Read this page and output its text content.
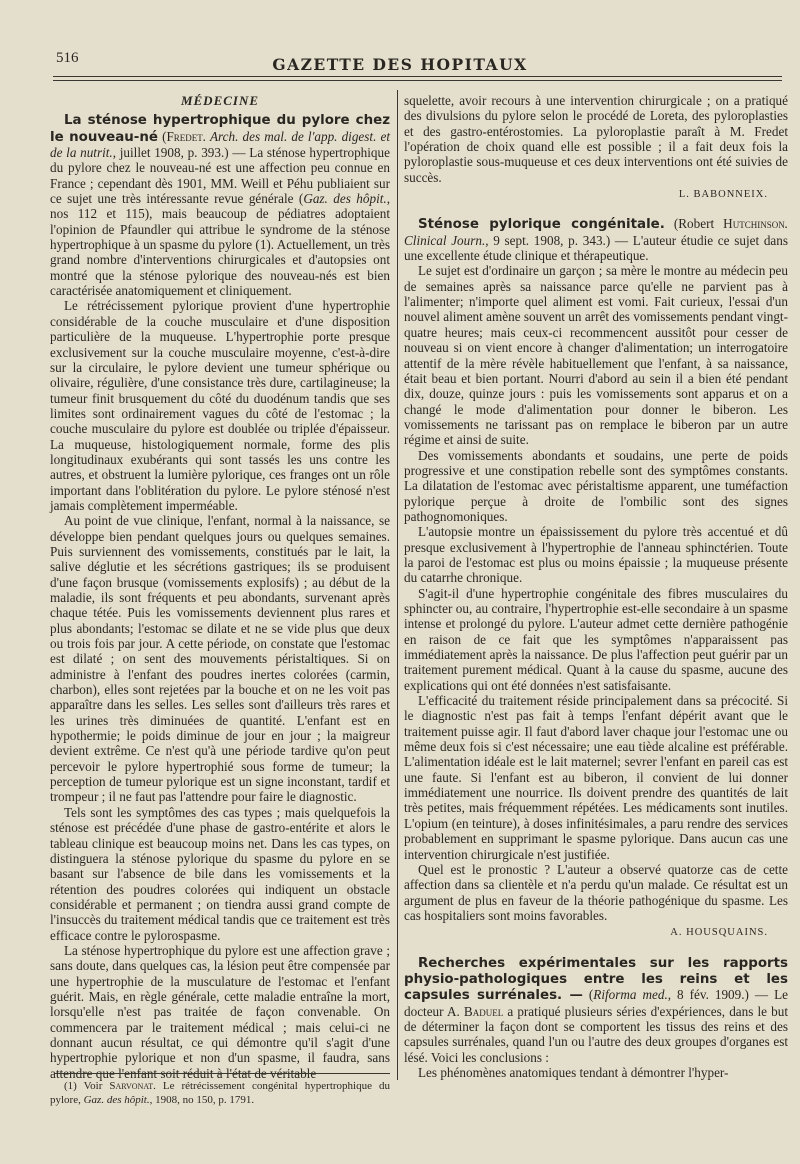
516	GAZETTE DES HOPITAUX
MÉDECINE

La sténose hypertrophique du pylore chez le nouveau-né (Fredet. Arch. des mal. de l'app. digest. et de la nutrit., juillet 1908, p. 393.) — La sténose hypertrophique du pylore chez le nouveau-né est une affection peu connue en France ; cependant dès 1901, MM. Weill et Péhu publiaient sur ce sujet une très intéressante revue générale (Gaz. des hôpit., nos 112 et 115), mais beaucoup de pédiatres adoptaient l'opinion de Pfaundler qui attribue le syndrome de la sténose hypertrophique à un spasme du pylore (1). Actuellement, un très grand nombre d'interventions chirurgicales et d'autopsies ont montré que la sténose pylorique des nouveau-nés est bien caractérisée anatomiquement et cliniquement.

Le rétrécissement pylorique provient d'une hypertrophie considérable de la couche musculaire et d'une disposition particulière de la muqueuse. L'hypertrophie porte presque exclusivement sur la couche musculaire moyenne, c'est-à-dire sur la circulaire, le pylore devient une tumeur sphérique ou olivaire, régulière, d'une consistance très dure, cartilagineuse; la tumeur finit brusquement du côté du duodénum tandis que ses limites sont ordinairement vagues du côté de l'estomac ; la couche musculaire du pylore est doublée ou triplée d'épaisseur. La muqueuse, histologiquement normale, forme des plis longitudinaux exubérants qui sont tassés les uns contre les autres, et obstruent la lumière pylorique, ces franges ont un rôle important dans l'oblitération du pylore. Le pylore sténosé n'est jamais complètement imperméable.

Au point de vue clinique, l'enfant, normal à la naissance, se développe bien pendant quelques jours ou quelques semaines. Puis surviennent des vomissements, constitués par le lait, la salive déglutie et les sécrétions gastriques; ils se produisent d'une façon brusque (vomissements explosifs) ; au début de la maladie, ils sont fréquents et peu abondants, survenant après chaque tétée. Puis les vomissements deviennent plus rares et plus abondants; l'estomac se dilate et ne se vide plus que deux ou trois fois par jour. A cette période, on constate que l'estomac est dilaté ; on sent des mouvements péristaltiques. Si on administre à l'enfant des poudres inertes colorées (carmin, charbon), elles sont rejetées par la bouche et on ne les voit pas apparaître dans les selles. Les selles sont d'ailleurs très rares et les urines très diminuées de quantité. L'enfant est en hypothermie; le poids diminue de jour en jour ; la maigreur devient extrême. Ce n'est qu'à une période tardive qu'on peut percevoir le pylore hypertrophié sous forme de tumeur; la perception de tumeur pylorique est un signe inconstant, tardif et trompeur ; il ne faut pas l'attendre pour faire le diagnostic.

Tels sont les symptômes des cas types ; mais quelquefois la sténose est précédée d'une phase de gastro-entérite et alors le tableau clinique est beaucoup moins net. Dans les cas types, on distinguera la sténose pylorique du spasme du pylore en se basant sur l'absence de bile dans les vomissements et la rétention des poudres colorées qui indiquent un obstacle considérable et permanent ; on tiendra aussi grand compte de l'insuccès du traitement médical tandis que ce traitement est très efficace contre le pylorospasme.

La sténose hypertrophique du pylore est une affection grave ; sans doute, dans quelques cas, la lésion peut être compensée par une hypertrophie de la musculature de l'estomac et l'enfant guérit. Mais, en règle générale, cette maladie entraîne la mort, lorsqu'elle n'est pas traitée de façon convenable. On commencera par le traitement médical ; mais celui-ci ne donnant aucun résultat, ce qui démontre qu'il s'agit d'une hypertrophie pylorique et non d'un spasme, il faudra, sans attendre que l'enfant soit réduit à l'état de véritable

(1) Voir Sarvonat. Le rétrécissement congénital hypertrophique du pylore, Gaz. des hôpit., 1908, no 150, p. 1791.

squelette, avoir recours à une intervention chirurgicale ; on a pratiqué des divulsions du pylore selon le procédé de Loreta, des pyloroplasties et des gastro-entérostomies. La pyloroplastie paraît à M. Fredet l'opération de choix quand elle est possible ; il a fait deux fois la pyloroplastie sous-muqueuse et ces deux interventions ont été suivies de succès.

L. BABONNEIX.

Sténose pylorique congénitale. (Robert Hutchinson. Clinical Journ., 9 sept. 1908, p. 343.) — L'auteur étudie ce sujet dans une excellente étude clinique et thérapeutique.

Le sujet est d'ordinaire un garçon ; sa mère le montre au médecin peu de semaines après sa naissance parce qu'elle ne parvient pas à l'alimenter; n'importe quel aliment est vomi. Fait curieux, l'essai d'un nouvel aliment amène souvent un arrêt des vomissements pendant vingt-quatre heures; mais ceux-ci recommencent aussitôt pour cesser de nouveau si on vient encore à changer d'alimentation; un interrogatoire attentif de la mère révèle habituellement que l'enfant, à sa naissance, était beau et bien portant. Nourri d'abord au sein il a bien été pendant dix, douze, quinze jours : puis les vomissements sont apparus et on a changé le mode d'alimentation pour donner le biberon. Les vomissements ne tarissant pas on remplace le biberon par un autre régime et ainsi de suite.

Des vomissements abondants et soudains, une perte de poids progressive et une constipation rebelle sont des symptômes constants. La dilatation de l'estomac avec péristaltisme apparent, une tuméfaction pylorique perçue à droite de l'ombilic sont des signes pathognomoniques.

L'autopsie montre un épaississement du pylore très accentué et dû presque exclusivement à l'hypertrophie de l'anneau sphinctérien. Toute la paroi de l'estomac est plus ou moins épaissie ; la muqueuse présente du catarrhe chronique.

S'agit-il d'une hypertrophie congénitale des fibres musculaires du sphincter ou, au contraire, l'hypertrophie est-elle secondaire à un spasme intense et prolongé du pylore. L'auteur admet cette dernière pathogénie en raison de ce fait que les symptômes n'apparaissent pas immédiatement après la naissance. De plus l'affection peut guérir par un traitement purement médical. Quant à la cause du spasme, aucune des explications qui ont été données n'est satisfaisante.

L'efficacité du traitement réside principalement dans sa précocité. Si le diagnostic n'est pas fait à temps l'enfant dépérit avant que le traitement puisse agir. Il faut d'abord laver chaque jour l'estomac une ou même deux fois si c'est nécessaire; une eau tiède alcaline est préférable. L'alimentation idéale est le lait maternel; sevrer l'enfant en pareil cas est une faute. Si l'enfant est au biberon, il convient de lui donner immédiatement une nourrice. Ils doivent prendre des quantités de lait très petites, mais fréquemment répétées. Les médicaments sont inutiles. L'opium (en teinture), à doses infinitésimales, a paru rendre des services probablement en supprimant le spasme pylorique. Dans aucun cas une intervention chirurgicale n'est justifiée.

Quel est le pronostic ? L'auteur a observé quatorze cas de cette affection dans sa clientèle et n'a perdu qu'un malade. Ce résultat est un argument de plus en faveur de la théorie pathogénique du spasme. Les cas hospitaliers sont moins favorables.

A. HOUSQUAINS.

Recherches expérimentales sur les rapports physio-pathologiques entre les reins et les capsules surrénales. — (Riforma med., 8 fév. 1909.) — Le docteur A. Baduel a pratiqué plusieurs séries d'expériences, dans le but de déterminer la façon dont se comportent les tissus des reins et des capsules surrénales, quand l'un ou l'autre des deux groupes d'organes est lésé. Voici les conclusions :

Les phénomènes anatomiques tendant à démontrer l'hyper-
